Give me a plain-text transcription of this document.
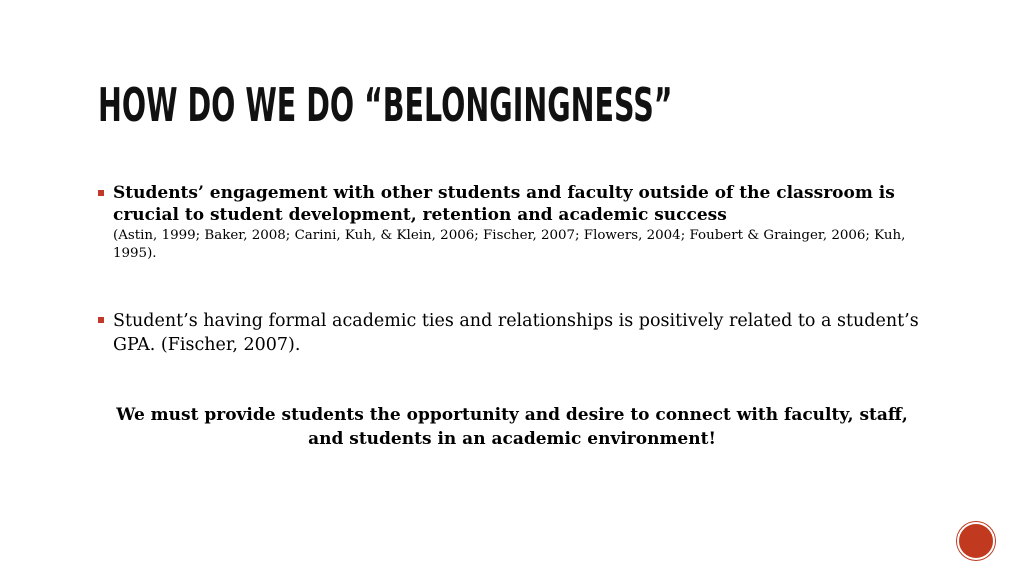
HOW DO WE DO “BELONGINGNESS”
Students’ engagement with other students and faculty outside of the classroom is crucial to student development, retention and academic success
(Astin, 1999; Baker, 2008; Carini, Kuh, & Klein, 2006; Fischer, 2007; Flowers, 2004; Foubert & Grainger, 2006; Kuh, 1995).
Student’s having formal academic ties and relationships is positively related to a student’s GPA. (Fischer, 2007).
We must provide students the opportunity and desire to connect with faculty, staff, and students in an academic environment!
